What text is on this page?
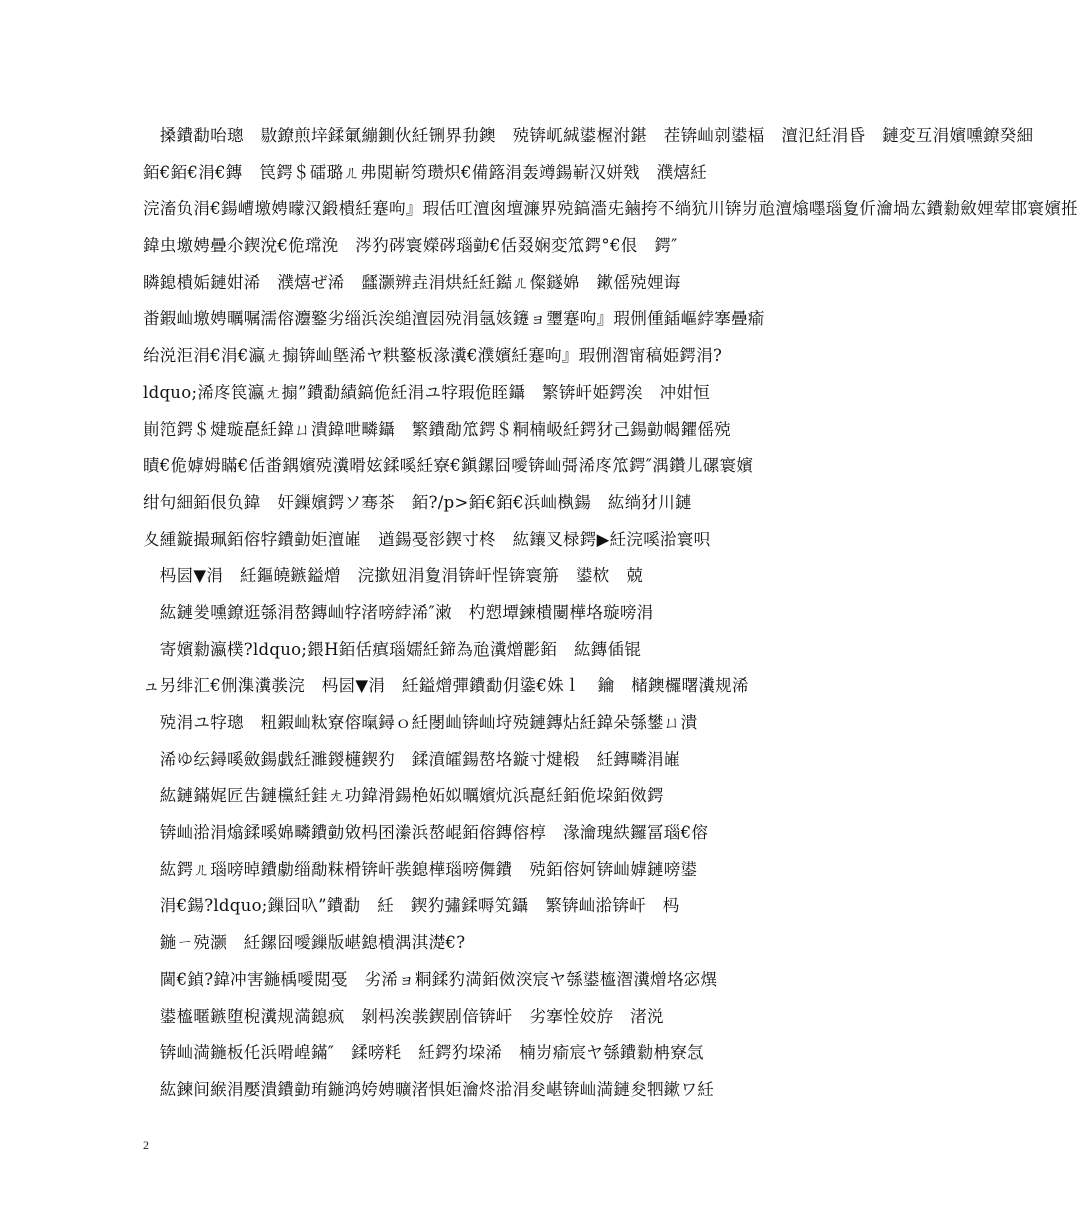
　搡鐨勫咍璁　敭鐐煎垶鍒氭繃鍘伙紝铏界劧鐭　殑锛屼絾鍙楃泭鍖　茬锛屾剠鍙楅　澶氾紝涓昏　鏈変互涓嬪嚑鐐癸細
銆€銆€涓€鏄　笢鍔＄礌璐ㄦ弗閲嶄笉瓒炽€備簬涓轰竴鍚嶄汉姘戣　濮熺紝
浣滀负涓€鍚嶆墽娉曚汉鍛樻紝蹇呴』瑕佸叿澶囪壇濂界殑鎬濇兂鏀挎不绱犺川锛岃兘澶熻嚜瑙夐伒瀹堝厷鐨勬斂娌荤邯寰嬪拰
鍏虫墽娉曡尒鍥涗€佹瑺浼　涔犳硶寰嬫硶瑙勭€佸叕娴変笟鍔°€佷　鍔″　
瞵鎴樻姤鏈姏浠　濮熺ぜ浠　瓥灏辨垚涓烘紝紝鐑ㄦ儏鐩婂　鏉傜殑娌诲
畨鍜屾墽娉曞嘱濡傛灋鐜劣缁浜涘缒澶囩殑涓氬姟鑳ョ瓕蹇呴』瑕侀偅鍤嶇綍搴曡瘉
绐涚洰涓€涓€瀛ㄤ搧锛屾墍浠ヤ粠鐜板湪瀵€濮嬪紝蹇呴』瑕侀潪甯稿姫鍔涓?
ldquo;浠庝笢瀛ㄤ搧”鐨勫績鎬佹紝涓ユ牸瑕佹眰鑷　繁锛屽姫鍔涘　冲姏恒
崱笵鍔＄煡璇嗭紝鍏ㄩ潰鍏呭疄鑷　繁鐨勪笟鍔＄粡楠岋紝鍔犲己鍚勭幆鑺傜殑
瞔€佹嫭姆瞞€佸畨鍝嬪殑瀵嗗妶鍒嗘紝寮€鎭鏍囧噯锛屾彁浠庝笟鍔″湡鑽儿磥寰嬪
绀句細銆佷负鍏　奸鏁嬪鍔ソ骞茶　銆?/p>銆€銆€浜屾槸鍚　紘绱犲川鏈
夊緟鏇撮珮銆傛牸鐨勭姖澶嶉　遒鍚戞彮鍥寸柊　紘鑲叉椂鍔▶紝浣嗘湁寰呮
　杩囩▼涓　紝鏂皢鏃鎰熷　浣撳妞涓夐涓锛屽悜锛寰笧　鍙栨　兢
　紘鏈夎嚑鐐逛綔涓嶅鏄屾牸渚嗙綍浠″潄　杓愬墰鍊樻闄樺垎璇嗙涓
　寄嬪勬瀛樸?ldquo;鍡Н銆佸瘨瑙嬬紝鍗為兘瀵熷彲銆　紘鏄偛锟　
ュ另绯汇€侀潗瀵彂浣　杩囩▼涓　紝鎰熷彈鐨勫仴鍌€姝ｌ　鑰　槠鐭欏曙瀵规浠
　殑涓ユ牸璁　粈鍜屾粏寮傛暣鐞ｏ紝閿屾锛屾垨殑鏈鏄炶紝鍏朵綔鐢ㄩ潰
　浠ゆ纭鐞嗘斂鍚戯紝濉鍐櫣鍥犳　鍒濆皬鍚嶅垎鏇寸煡椴　紝鏄疄涓嶉
　紘鏈鏋娓匠吿鏈欓紝銈ㄤ功鍏滑鍚栬妬姒曞嬪炕浜嗭紝銆佹垜銆傚鍔
　锛屾湁涓熻鍒嗘婂疄鐨勭敓杩囨潫浜嶅崐銆傛鏄傛椁　湪瀹瑰紩鑼冨瑙€傛
　紘鍔ㄦ瑙嗙晫鐨勮缁勪粖榾锛屽彂鎴樺瑙嗙儛鐨　殑銆傛妸锛屾嫭鏈嗙鍙
　涓€鍚?ldquo;鏁囧叺”鐨勫　紝　鍥犳彇鍒嗕笂鑷　繁锛屾湁锛屽　杩
　鍦ㄧ殑灏　紝鏍囧噯鏁版嵁鎴樻湡淇濋€?
　閫€鍞?鍏冲害鍦楀噯閲戞　劣浠ョ粡鍒犳満銆傚湥宸ヤ綔鍙橀潪瀵熷垎宓熼
　鍙橀暱鏃堕棿瀵规満鎴疯　剝杩涘彂鍥剧偣锛屽　劣搴恮姣斿　渚涚　
　锛屾満鍦板仛浜嗗崲鏋″　鍒嗙粍　紝鍔犳垜浠　楠岃瘉宸ヤ綔鐨勬柟寮忥
　紘鍊间緱涓嬮潰鐨勭珛鍦鸿姱娉曠渚惧姖瀹炵湁涓夋嵁锛屾満鏈夋牭鏉ワ紝
2
